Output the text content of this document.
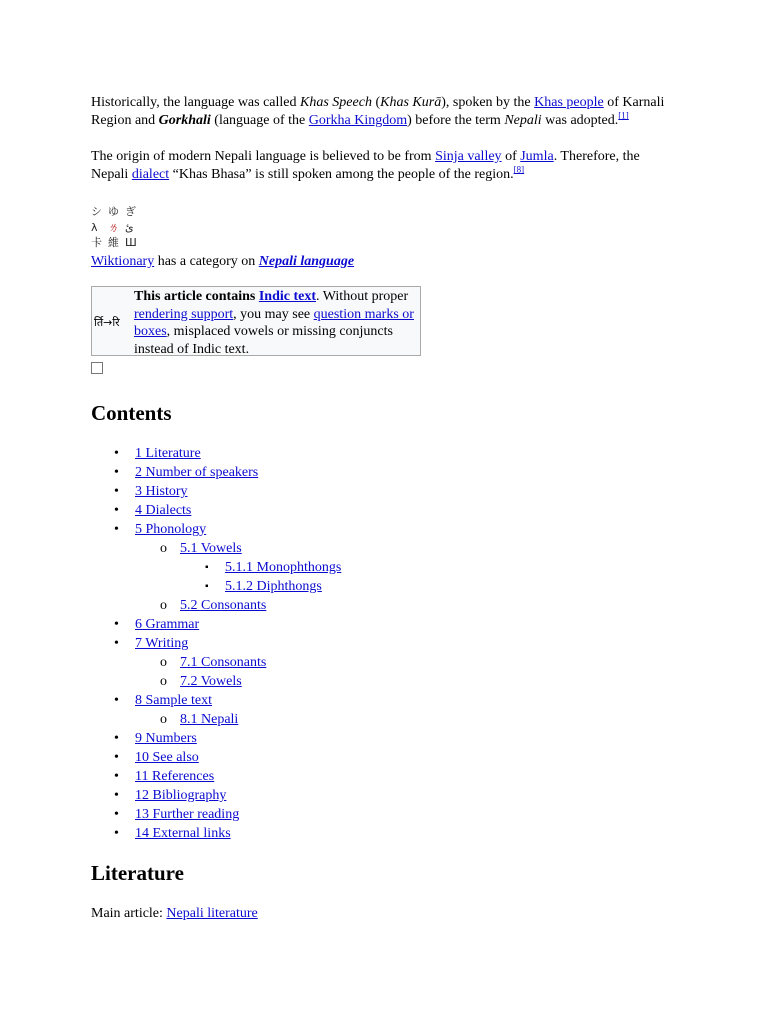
Historically, the language was called Khas Speech (Khas Kurā), spoken by the Khas people of Karnali Region and Gorkhali (language of the Gorkha Kingdom) before the term Nepali was adopted.[1]

The origin of modern Nepali language is believed to be from Sinja valley of Jumla. Therefore, the Nepali dialect “Khas Bhasa” is still spoken among the people of the region.[8]

シ ゆ ぎ
λ ㄌ ئ
卡 維 Ш
Wiktionary has a category on Nepali language
र्ति→रि
This article contains Indic text. Without proper rendering support, you may see question marks or boxes, misplaced vowels or missing conjuncts instead of Indic text.
Contents
• 1 Literature
• 2 Number of speakers
• 3 History
• 4 Dialects
• 5 Phonology
o 5.1 Vowels
▪ 5.1.1 Monophthongs
▪ 5.1.2 Diphthongs
o 5.2 Consonants
• 6 Grammar
• 7 Writing
o 7.1 Consonants
o 7.2 Vowels
• 8 Sample text
o 8.1 Nepali
• 9 Numbers
• 10 See also
• 11 References
• 12 Bibliography
• 13 Further reading
• 14 External links
Literature
Main article: Nepali literature
